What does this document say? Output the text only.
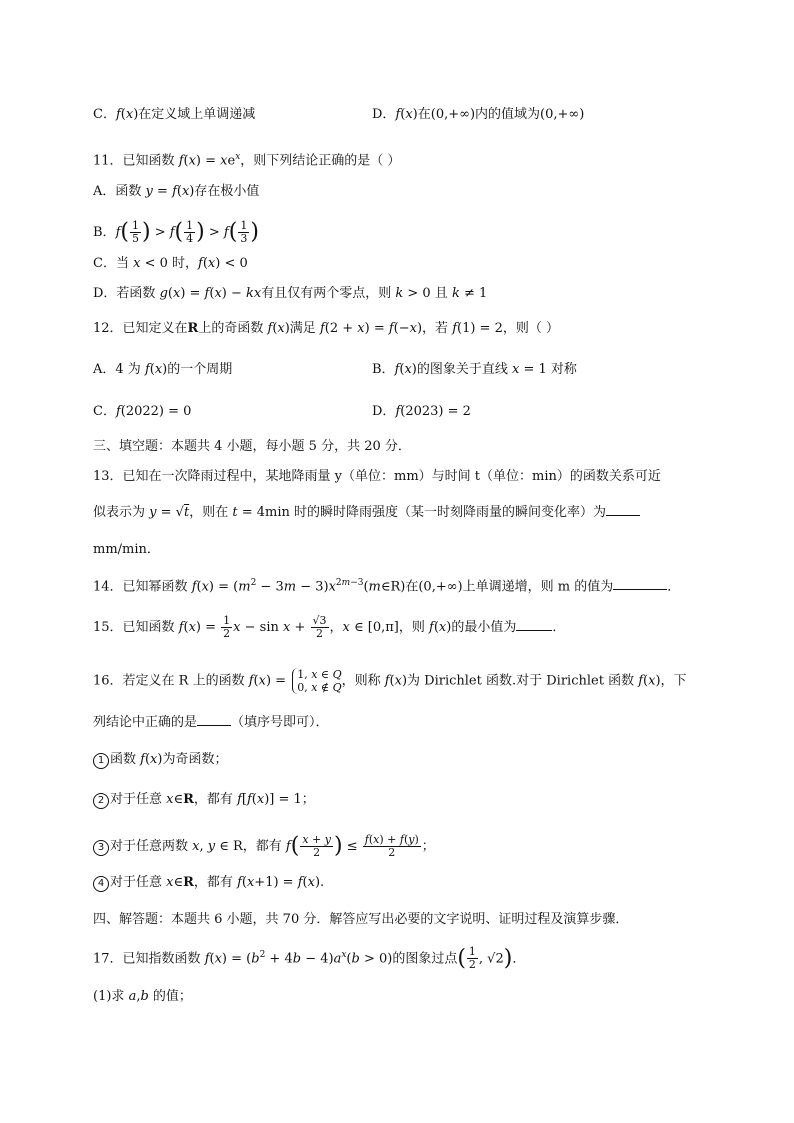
C．f(x)在定义域上单调递减	D．f(x)在(0,+∞)内的值域为(0,+∞)
11．已知函数 $f(x) = xe^x$，则下列结论正确的是（ ）
A．函数 y = f(x)存在极小值
B．$f( \frac{1}{5}$ ) > $f( \frac{1}{4}$ ) > $f( \frac{1}{3}$ )
C．当 x < 0 时，f(x) < 0
D．若函数 g(x) = f(x) − kx有且仅有两个零点，则 k > 0 且 k ≠ 1
12．已知定义在R上的奇函数 f(x)满足 f(2 + x) = f(−x)，若 f(1) = 2，则（ ）
A．4 为 f(x)的一个周期	B．f(x)的图象关于直线 x = 1 对称
C．f(2022) = 0	D．f(2023) = 2
三、填空题：本题共 4 小题，每小题 5 分，共 20 分．
13．已知在一次降雨过程中，某地降雨量 y（单位：mm）与时间 t（单位：min）的函数关系可近
似表示为 y = √t，则在 t = 4min 时的瞬时降雨强度（某一时刻降雨量的瞬间变化率）为
mm/min．
14．已知幂函数 $f(x) = (m^2 - 3m$ − $3)x^{2m-3}(m\in R)$在(0,+∞)上单调递增，则 m 的值为	．
15．已知函数 $f(x) = \frac{1}{2}$ $x - \sin x + \frac{√3}{2}$ ，x ∈ [0,π]，则 f(x)的最小值为	．
16．若定义在 R 上的函数 f(x) = 1, x ∈ Q
0, x ∉ Q，则称 f(x)为 Dirichlet 函数.对于 Dirichlet 函数 f(x)，下
列结论中正确的是	（填序号即可）．
1 函数 f(x)为奇函数；
2 对于任意 x∈R，都有 f[f(x)] = 1；
3 对于任意两数 x, y ∈ R，都有 $f( \frac{x + y}{2}$ ) ≤ $\frac{f(x) + f(y)}{2}$ ；
4 对于任意 x∈R，都有 f(x+1) = f(x).
四、解答题：本题共 6 小题，共 70 分．解答应写出必要的文字说明、证明过程及演算步骤．
17．已知指数函数 $f(x) = (b^2 + 4b - 4)a^x(b > 0)$的图象过点( $\frac{1}{2}$ , √2)．
(1)求 a,b 的值；
